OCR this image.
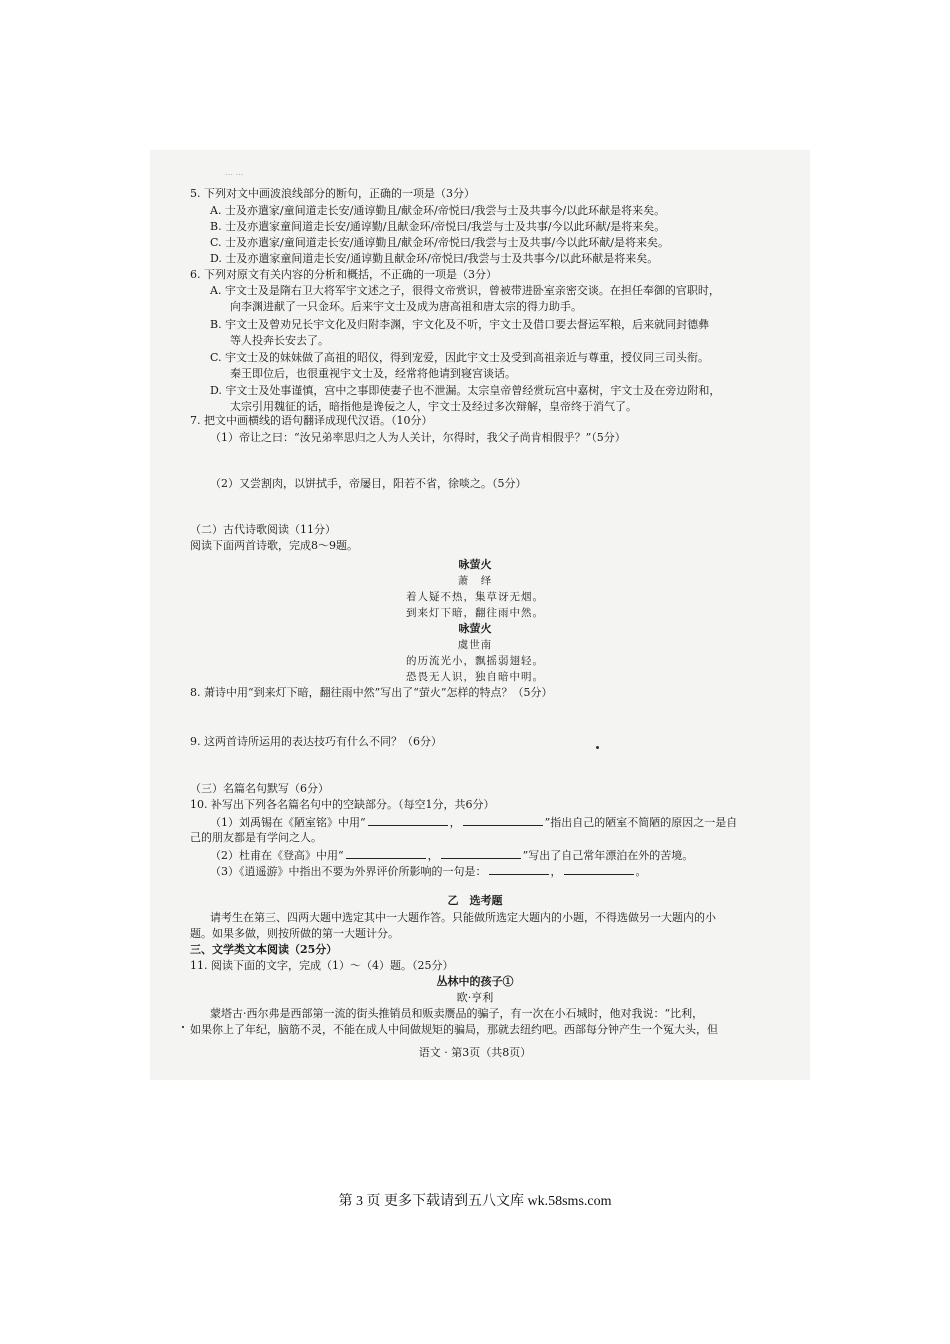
… …
5. 下列对文中画波浪线部分的断句，正确的一项是（3分）
A. 士及亦遣家/童间道走长安/通谆勤且/献金环/帝悦曰/我尝与士及共事今/以此环献是将来矣。
B. 士及亦遣家童间道走长安/通谆勤/且献金环/帝悦曰/我尝与士及共事/今以此环献/是将来矣。
C. 士及亦遣家/童间道走长安/通谆勤且/献金环/帝悦曰/我尝与士及共事/今以此环献/是将来矣。
D. 士及亦遣家童间道走长安/通谆勤且献金环/帝悦曰/我尝与士及共事今/以此环献是将来矣。
6. 下列对原文有关内容的分析和概括，不正确的一项是（3分）
A. 宇文士及是隋右卫大将军宇文述之子，很得文帝赏识，曾被带进卧室亲密交谈。在担任奉御的官职时，
向李渊进献了一只金环。后来宇文士及成为唐高祖和唐太宗的得力助手。
B. 宇文士及曾劝兄长宇文化及归附李渊，宇文化及不听，宇文士及借口要去督运军粮，后来就同封德彝
等人投奔长安去了。
C. 宇文士及的妹妹做了高祖的昭仪，得到宠爱，因此宇文士及受到高祖亲近与尊重，授仪同三司头衔。
秦王即位后，也很重视宇文士及，经常将他请到寝宫谈话。
D. 宇文士及处事谨慎，宫中之事即使妻子也不泄漏。太宗皇帝曾经赏玩宫中嘉树，宇文士及在旁边附和，
太宗引用魏征的话，暗指他是谗佞之人，宇文士及经过多次辩解，皇帝终于消气了。
7. 把文中画横线的语句翻译成现代汉语。（10分）
（1）帝让之曰：“汝兄弟率思归之人为人关计，尔得时，我父子尚肯相假乎？”（5分）
（2）又尝割肉，以饼拭手，帝屡目，阳若不省，徐啖之。（5分）
（二）古代诗歌阅读（11分）
阅读下面两首诗歌，完成8～9题。
咏萤火
萧　绎
着人疑不热，集草讶无烟。
到来灯下暗，翻往雨中然。
咏萤火
虞世南
的历流光小，飘摇弱翅轻。
恐畏无人识，独自暗中明。
8. 萧诗中用“到来灯下暗，翻往雨中然”写出了“萤火”怎样的特点？（5分）
9. 这两首诗所运用的表达技巧有什么不同？（6分）
（三）名篇名句默写（6分）
10. 补写出下列各名篇名句中的空缺部分。（每空1分，共6分）
（1）刘禹锡在《陋室铭》中用“	，	”指出自己的陋室不简陋的原因之一是自
己的朋友都是有学问之人。
（2）杜甫在《登高》中用“	，	”写出了自己常年漂泊在外的苦境。
（3）《逍遥游》中指出不要为外界评价所影响的一句是：	，	。
乙　选考题
请考生在第三、四两大题中选定其中一大题作答。只能做所选定大题内的小题，不得选做另一大题内的小
题。如果多做，则按所做的第一大题计分。
三、文学类文本阅读（25分）
11. 阅读下面的文字，完成（1）～（4）题。（25分）
丛林中的孩子①
欧·亨利
蒙塔古·西尔弗是西部第一流的街头推销员和贩卖赝品的骗子，有一次在小石城时，他对我说：“比利，
如果你上了年纪，脑筋不灵，不能在成人中间做规矩的骗局，那就去纽约吧。西部每分钟产生一个冤大头，但
语文 · 第3页（共8页）
第 3 页 更多下载请到五八文库 wk.58sms.com
